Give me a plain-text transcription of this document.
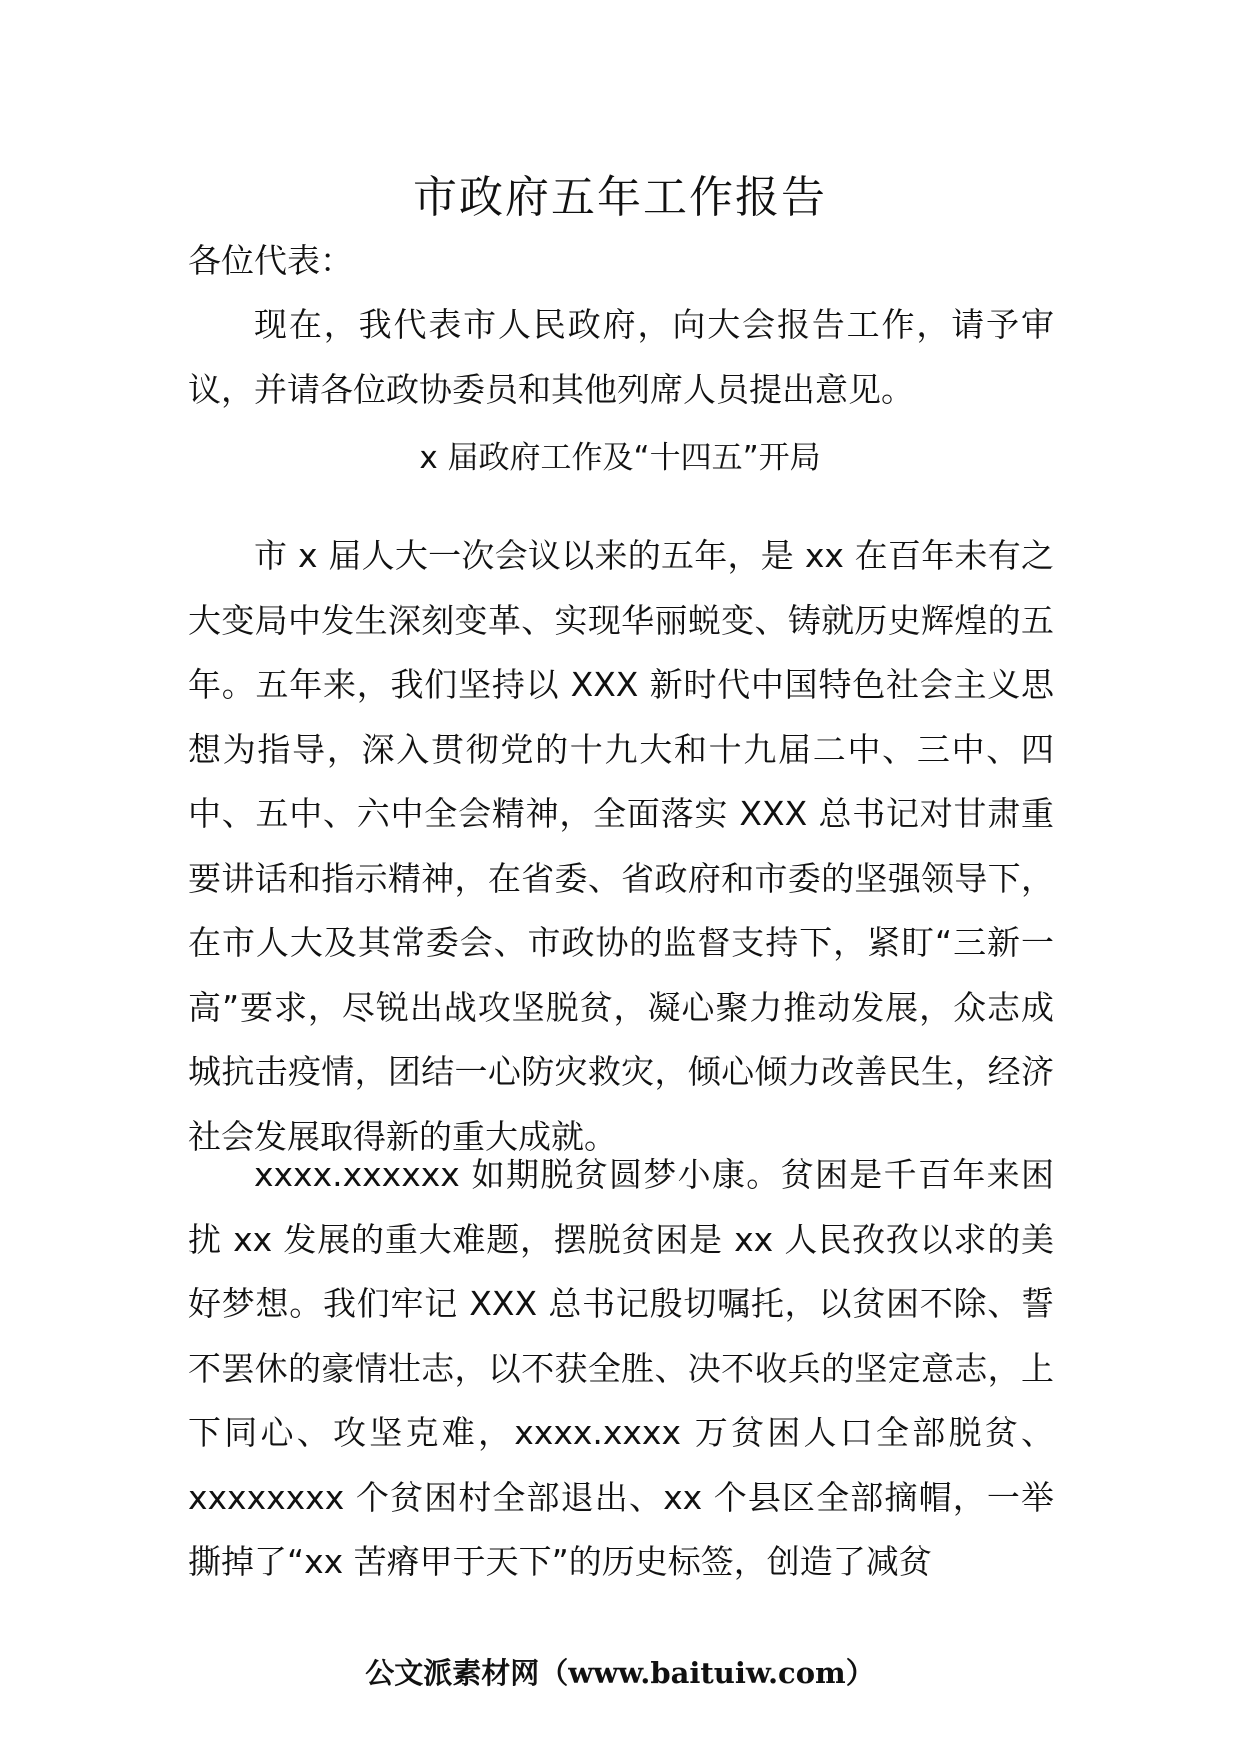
市政府五年工作报告
各位代表：
现在，我代表市人民政府，向大会报告工作，请予审议，并请各位政协委员和其他列席人员提出意见。
x 届政府工作及“十四五”开局
市 x 届人大一次会议以来的五年，是 xx 在百年未有之大变局中发生深刻变革、实现华丽蜕变、铸就历史辉煌的五年。五年来，我们坚持以 XXX 新时代中国特色社会主义思想为指导，深入贯彻党的十九大和十九届二中、三中、四中、五中、六中全会精神，全面落实 XXX 总书记对甘肃重要讲话和指示精神，在省委、省政府和市委的坚强领导下，在市人大及其常委会、市政协的监督支持下，紧盯“三新一高”要求，尽锐出战攻坚脱贫，凝心聚力推动发展，众志成城抗击疫情，团结一心防灾救灾，倾心倾力改善民生，经济社会发展取得新的重大成就。
xxxx.xxxxxx 如期脱贫圆梦小康。贫困是千百年来困扰 xx 发展的重大难题，摆脱贫困是 xx 人民孜孜以求的美好梦想。我们牢记 XXX 总书记殷切嘱托，以贫困不除、誓不罢休的豪情壮志，以不获全胜、决不收兵的坚定意志，上下同心、攻坚克难，xxxx.xxxx 万贫困人口全部脱贫、xxxxxxxx 个贫困村全部退出、xx 个县区全部摘帽，一举撕掉了“xx 苦瘠甲于天下”的历史标签，创造了减贫
公文派素材网（www.baituiw.com）
